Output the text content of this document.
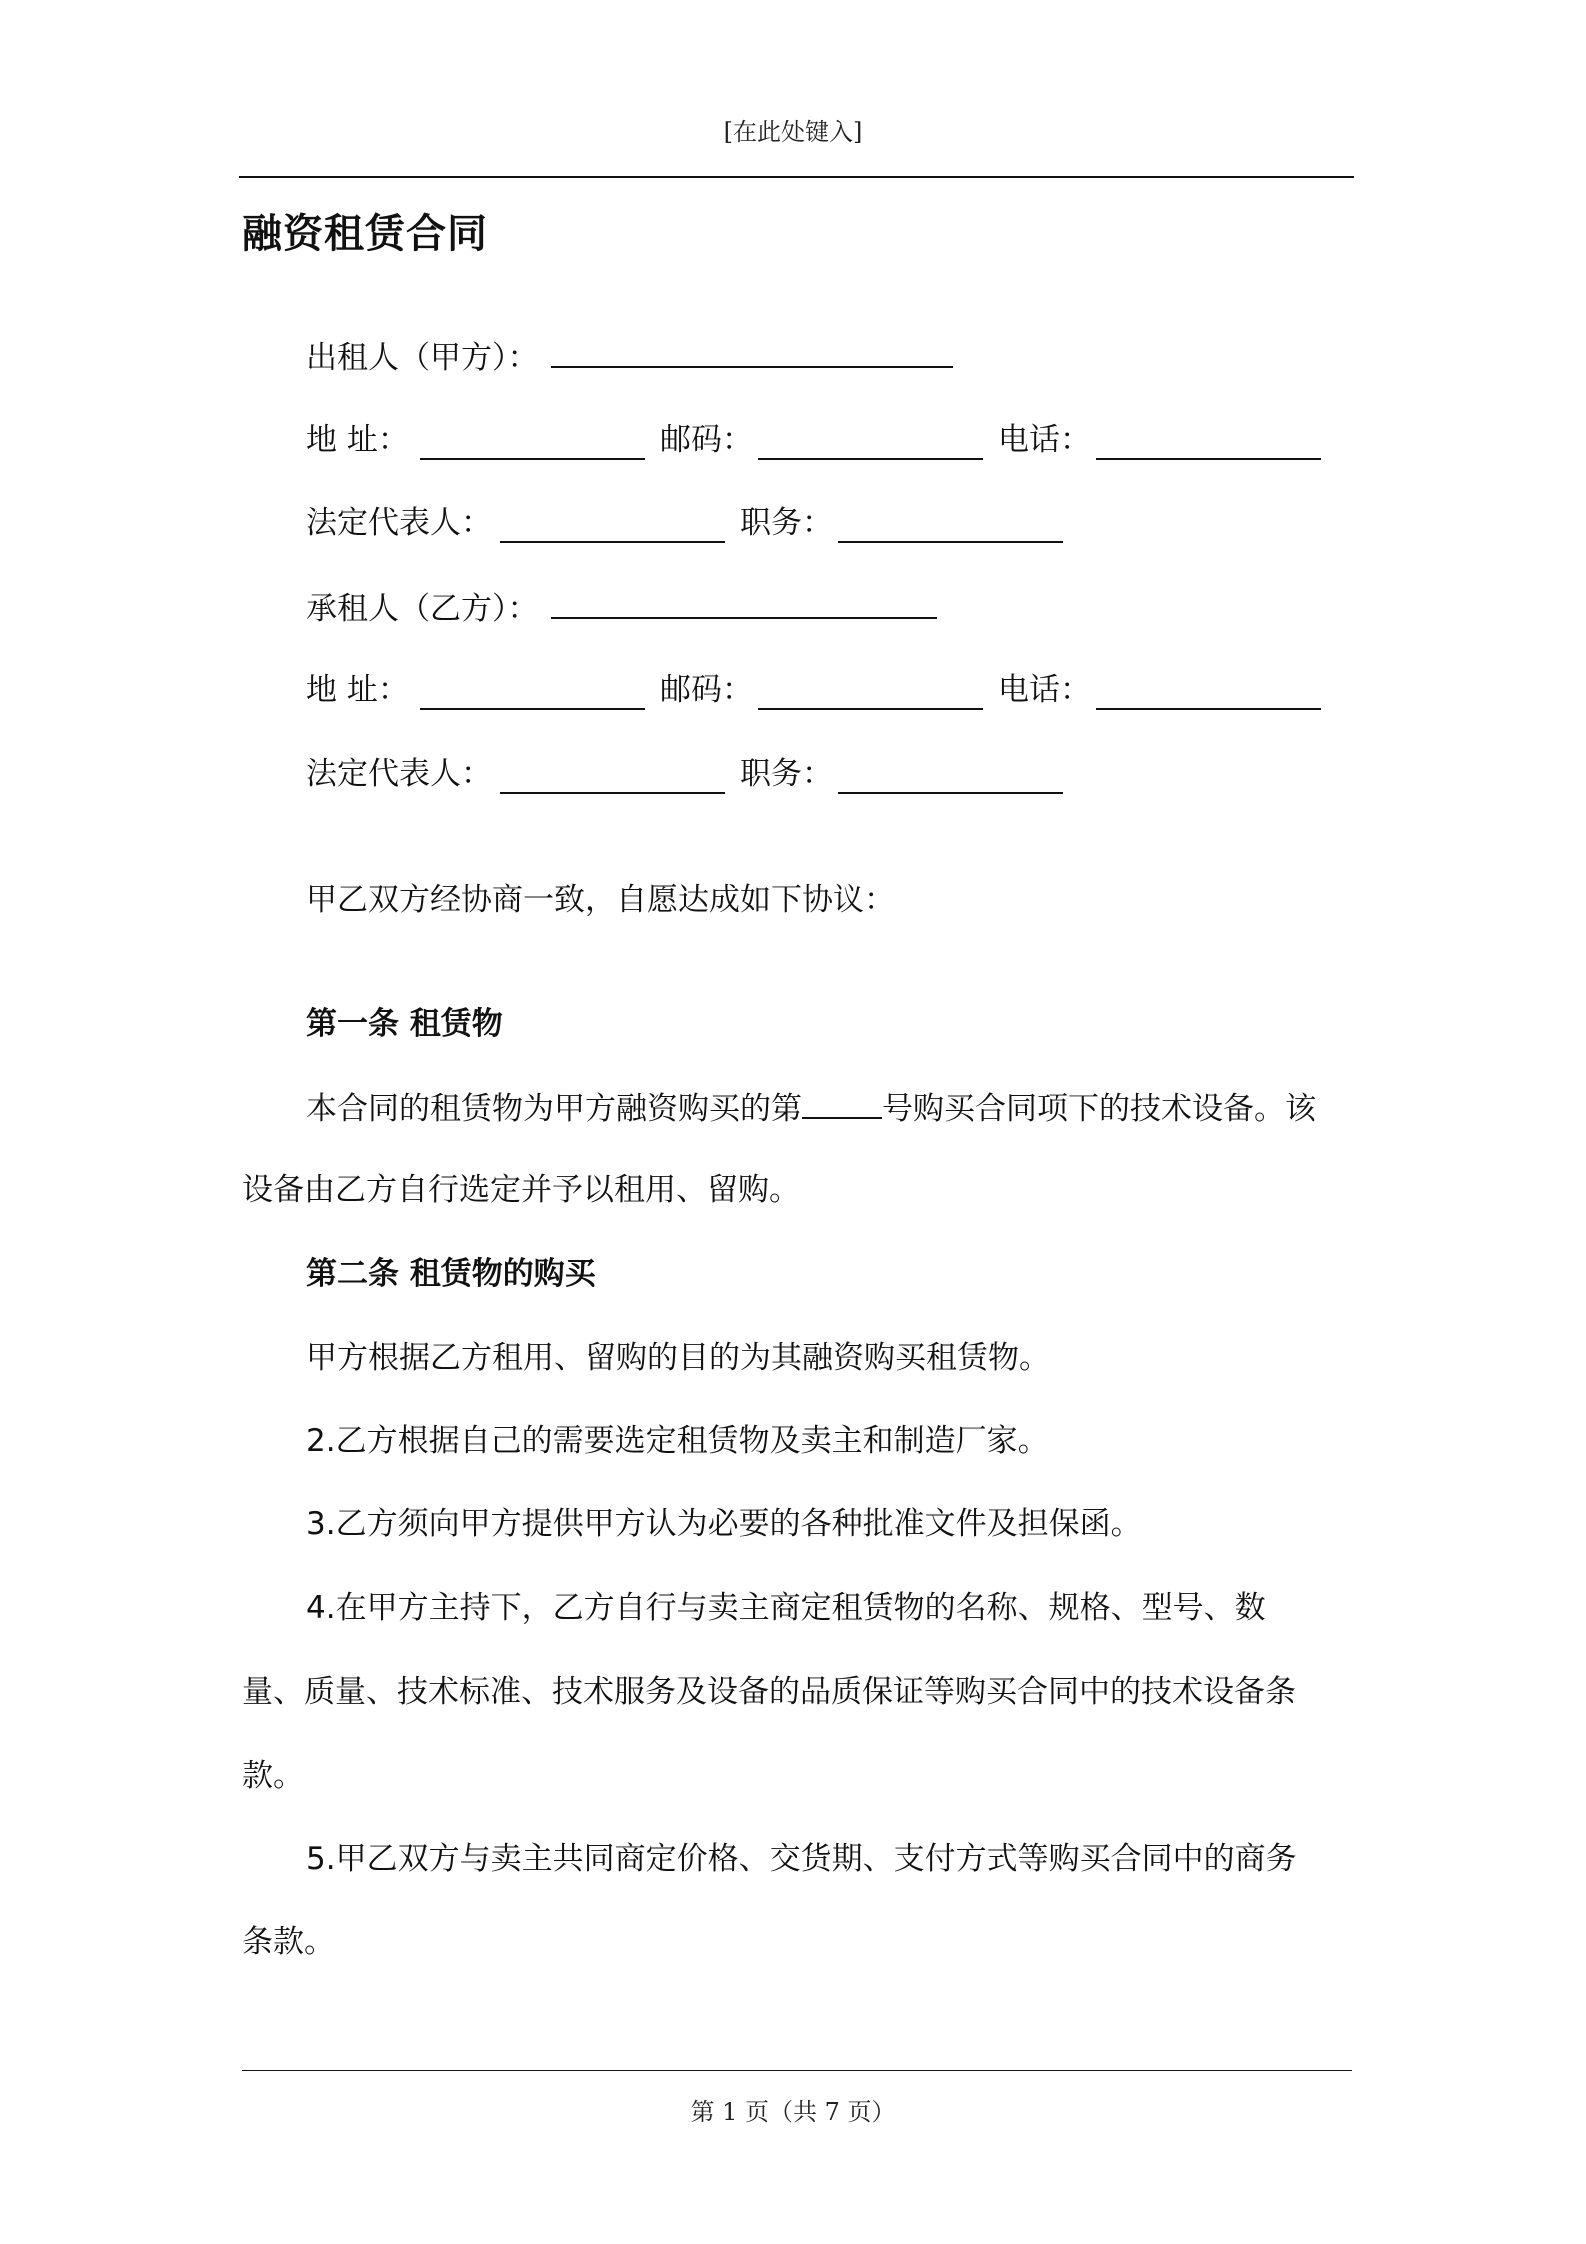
[在此处键入]
融资租赁合同
出租人（甲方）：
地 址：	邮码：	电话：
法定代表人：	职务：
承租人（乙方）：
地 址：	邮码：	电话：
法定代表人：	职务：
甲乙双方经协商一致，自愿达成如下协议：
第一条 租赁物
本合同的租赁物为甲方融资购买的第	号购买合同项下的技术设备。该
设备由乙方自行选定并予以租用、留购。
第二条 租赁物的购买
甲方根据乙方租用、留购的目的为其融资购买租赁物。
2.乙方根据自己的需要选定租赁物及卖主和制造厂家。
3.乙方须向甲方提供甲方认为必要的各种批准文件及担保函。
4.在甲方主持下，乙方自行与卖主商定租赁物的名称、规格、型号、数
量、质量、技术标准、技术服务及设备的品质保证等购买合同中的技术设备条
款。
5.甲乙双方与卖主共同商定价格、交货期、支付方式等购买合同中的商务
条款。
第 1 页（共 7 页）
